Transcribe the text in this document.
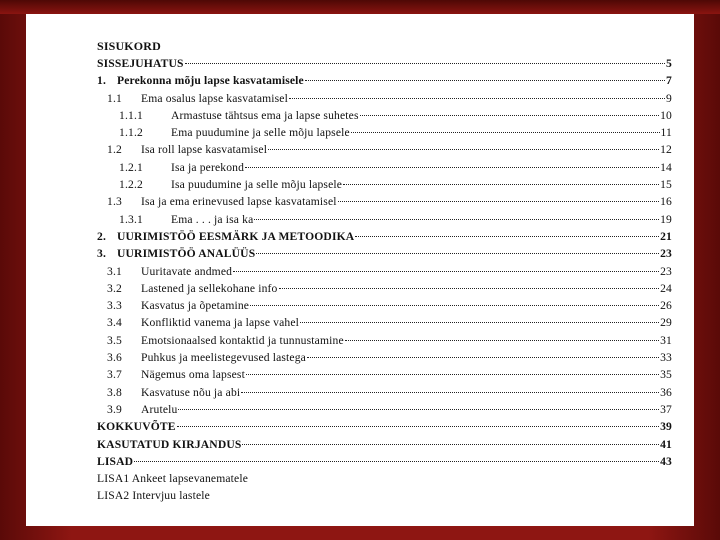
SISUKORD
SISSEJUHATUS	5
1. Perekonna mõju lapse kasvatamisele	7
1.1	Ema osalus lapse kasvatamisel	9
1.1.1	Armastuse tähtsus ema ja lapse suhetes	10
1.1.2	Ema puudumine ja selle mõju lapsele	11
1.2	Isa roll lapse kasvatamisel	12
1.2.1	Isa ja perekond	14
1.2.2	Isa puudumine ja selle mõju lapsele	15
1.3	Isa ja ema erinevused lapse kasvatamisel	16
1.3.1	Ema . . . ja isa ka	19
2. UURIMISTÖÖ EESMÄRK JA METOODIKA	21
3. UURIMISTÖÖ ANALÜÜS	23
3.1	Uuritavate andmed	23
3.2	Lastened ja sellekohane info	24
3.3	Kasvatus ja õpetamine	26
3.4	Konfliktid vanema ja lapse vahel	29
3.5	Emotsionaalsed kontaktid ja tunnustamine	31
3.6	Puhkus ja meelistegevused lastega	33
3.7	Nägemus oma lapsest	35
3.8	Kasvatuse nõu ja abi	36
3.9	Arutelu	37
KOKKUVÕTE	39
KASUTATUD KIRJANDUS	41
LISAD	43
LISA1 Ankeet lapsevanematele
LISA2 Intervjuu lastele
